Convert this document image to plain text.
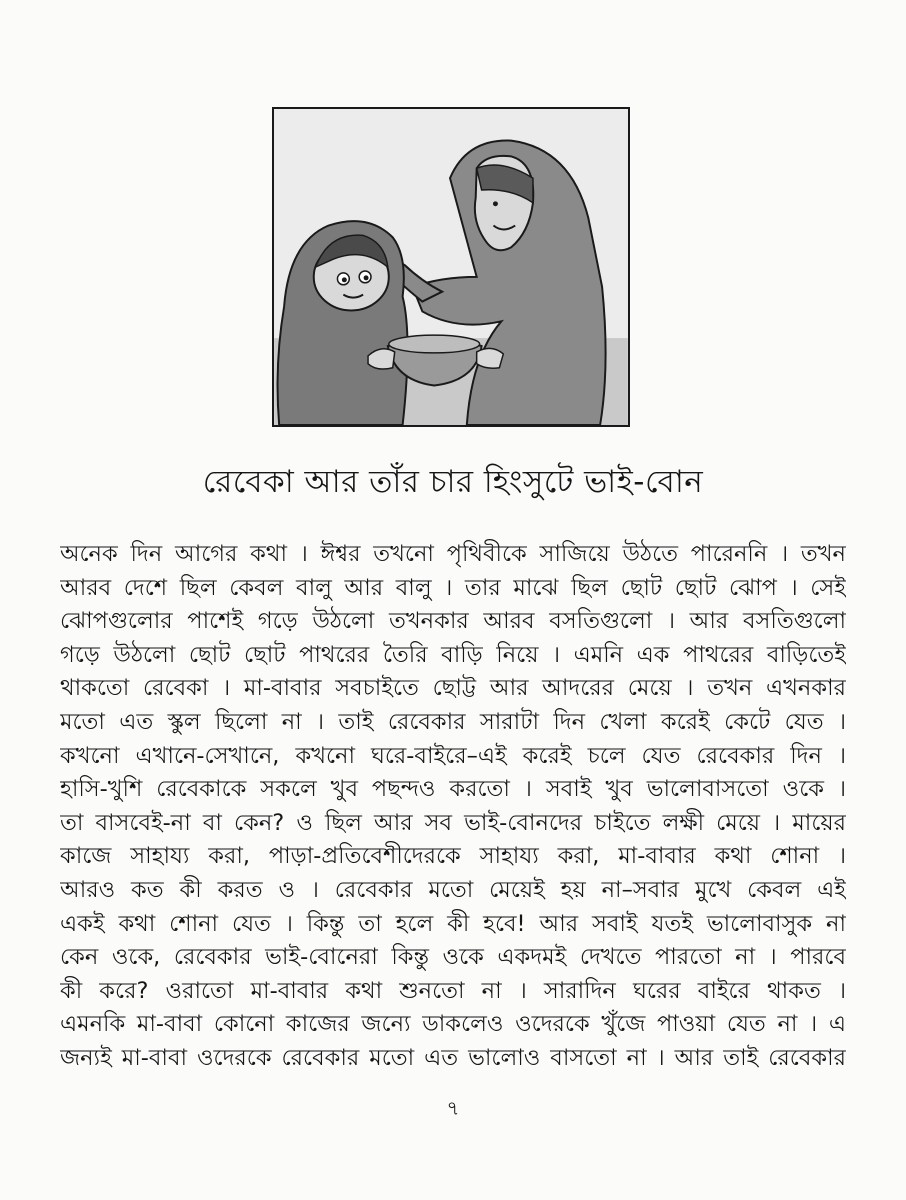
রেবেকা আর তাঁর চার হিংসুটে ভাই-বোন
অনেক দিন আগের কথা । ঈশ্বর তখনো পৃথিবীকে সাজিয়ে উঠতে পারেননি । তখন
আরব দেশে ছিল কেবল বালু আর বালু । তার মাঝে ছিল ছোট ছোট ঝোপ । সেই
ঝোপগুলোর পাশেই গড়ে উঠলো তখনকার আরব বসতিগুলো । আর বসতিগুলো
গড়ে উঠলো ছোট ছোট পাথরের তৈরি বাড়ি নিয়ে । এমনি এক পাথরের বাড়িতেই
থাকতো রেবেকা । মা-বাবার সবচাইতে ছোট্ট আর আদরের মেয়ে । তখন এখনকার
মতো এত স্কুল ছিলো না । তাই রেবেকার সারাটা দিন খেলা করেই কেটে যেত ।
কখনো এখানে-সেখানে, কখনো ঘরে-বাইরে–এই করেই চলে যেত রেবেকার দিন ।
হাসি-খুশি রেবেকাকে সকলে খুব পছন্দও করতো । সবাই খুব ভালোবাসতো ওকে ।
তা বাসবেই-না বা কেন? ও ছিল আর সব ভাই-বোনদের চাইতে লক্ষী মেয়ে । মায়ের
কাজে সাহায্য করা, পাড়া-প্রতিবেশীদেরকে সাহায্য করা, মা-বাবার কথা শোনা ।
আরও কত কী করত ও । রেবেকার মতো মেয়েই হয় না–সবার মুখে কেবল এই
একই কথা শোনা যেত । কিন্তু তা হলে কী হবে! আর সবাই যতই ভালোবাসুক না
কেন ওকে, রেবেকার ভাই-বোনেরা কিন্তু ওকে একদমই দেখতে পারতো না । পারবে
কী করে? ওরাতো মা-বাবার কথা শুনতো না । সারাদিন ঘরের বাইরে থাকত ।
এমনকি মা-বাবা কোনো কাজের জন্যে ডাকলেও ওদেরকে খুঁজে পাওয়া যেত না । এ
জন্যই মা-বাবা ওদেরকে রেবেকার মতো এত ভালোও বাসতো না । আর তাই রেবেকার
৭
